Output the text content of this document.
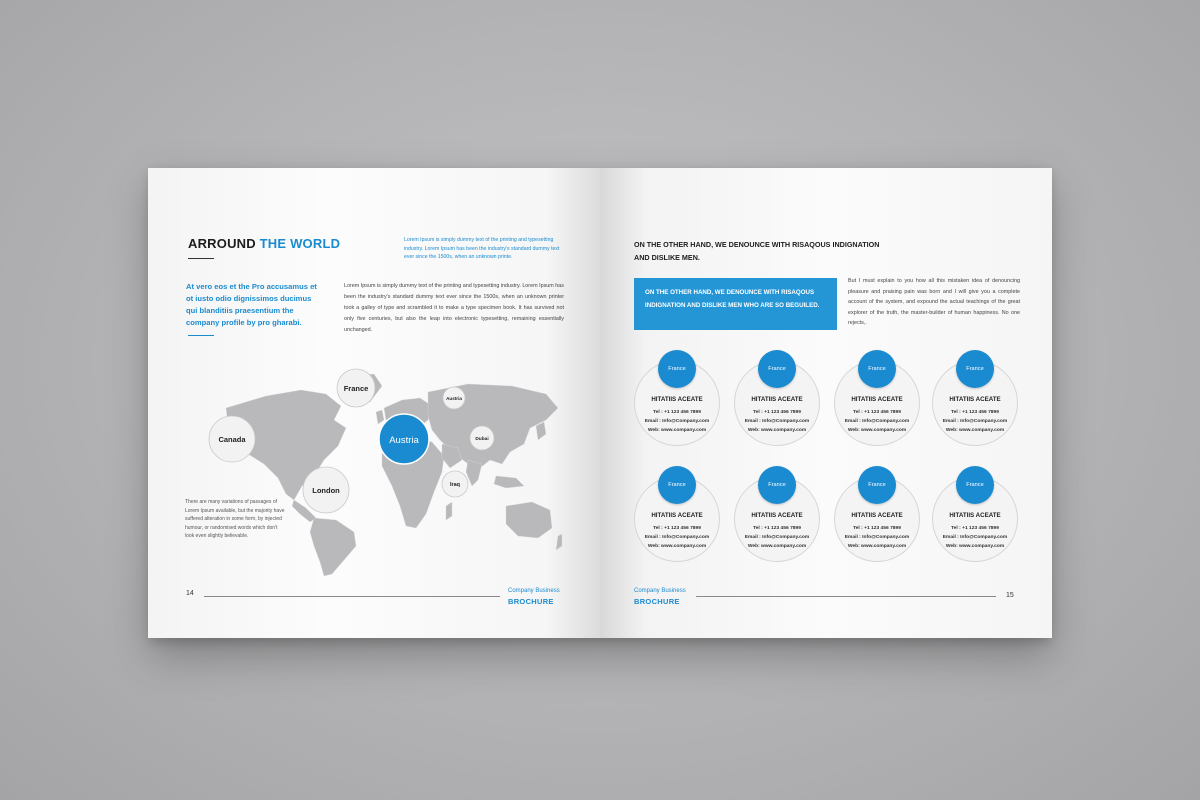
ARROUND THE WORLD	Lorem Ipsum is simply dummy text of the printing and typesetting industry. Lorem Ipsum has been the industry's standard dummy text ever since the 1500s, when an unknown printe.
At vero eos et the Pro accusamus et ot iusto odio dignissimos ducimus qui blanditiis praesentium the company profile by pro gharabi.
Lorem Ipsum is simply dummy text of the printing and typesetting industry. Lorem Ipsum has been the industry's standard dummy text ever since the 1500s, when an unknown printer took a galley of type and scrambled it to make a type specimen book. It has survived not only five centuries, but also the leap into electronic typesetting, remaining essentially unchanged.
France
Austria
Canada	Austria	Dubai
London
Iraq
There are many variations of passages of Lorem Ipsum available, but the majority have suffered alteration in some form, by injected humour, or randomised words which don't look even slightly believable.
14	Company Business
BROCHURE
ON THE OTHER HAND, WE DENOUNCE WITH RISAQOUS INDIGNATION AND DISLIKE MEN.
ON THE OTHER HAND, WE DENOUNCE WITH RISAQOUS INDIGNATION AND DISLIKE MEN WHO ARE SO BEGUILED.
But I must explain to you how all this mistaken idea of denouncing pleasure and praising pain was born and I will give you a complete account of the system, and expound the actual teachings of the great explorer of the truth, the master-builder of human happiness. No one rejects,.
France
HITATIIS ACEATE
Tel : +1 123 456 7899
Email : Info@Company.com
Web: www.company.com
France
HITATIIS ACEATE
Tel : +1 123 456 7899
Email : Info@Company.com
Web: www.company.com
France
HITATIIS ACEATE
Tel : +1 123 456 7899
Email : Info@Company.com
Web: www.company.com
France
HITATIIS ACEATE
Tel : +1 123 456 7899
Email : Info@Company.com
Web: www.company.com
France
HITATIIS ACEATE
Tel : +1 123 456 7899
Email : Info@Company.com
Web: www.company.com
France
HITATIIS ACEATE
Tel : +1 123 456 7899
Email : Info@Company.com
Web: www.company.com
France
HITATIIS ACEATE
Tel : +1 123 456 7899
Email : Info@Company.com
Web: www.company.com
France
HITATIIS ACEATE
Tel : +1 123 456 7899
Email : Info@Company.com
Web: www.company.com
Company Business
BROCHURE
15
